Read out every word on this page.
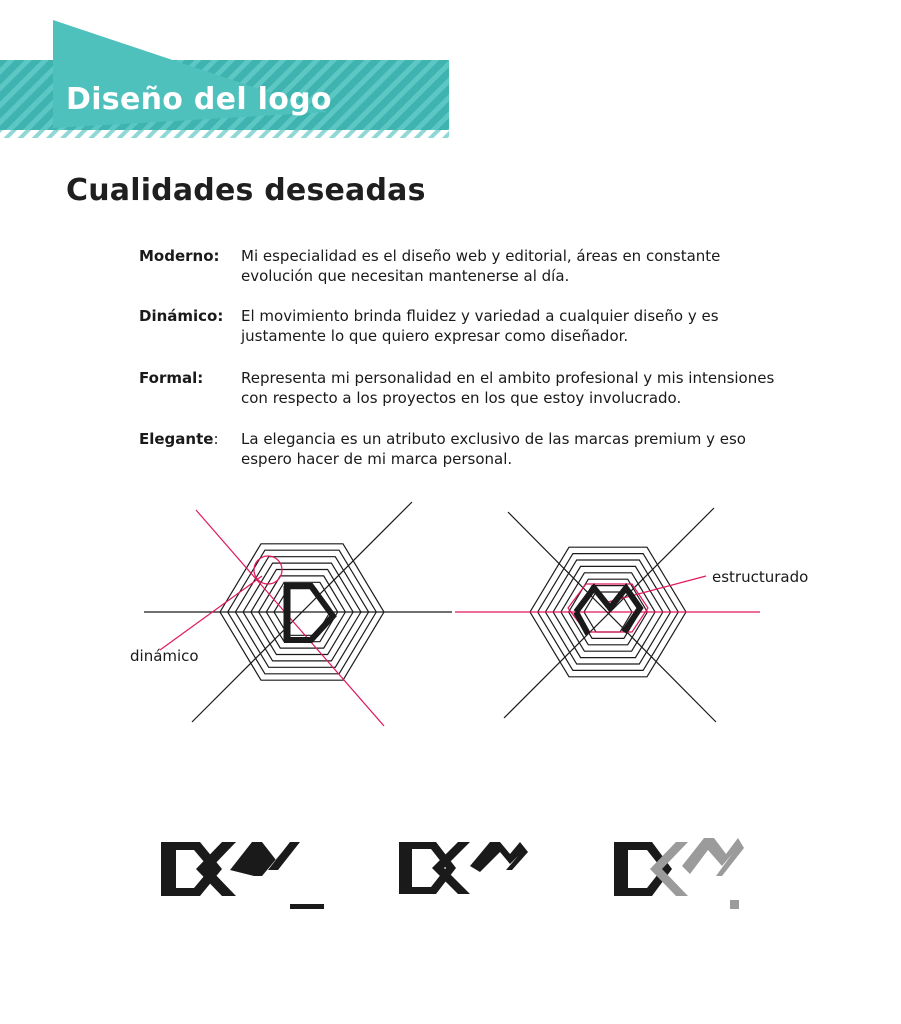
Diseño del logo
Cualidades deseadas
Moderno: Mi especialidad es el diseño web y editorial, áreas en constante evolución que necesitan mantenerse al día.
Dinámico: El movimiento brinda fluidez y variedad a cualquier diseño y es justamente lo que quiero expresar como diseñador.
Formal:	Representa mi personalidad en el ambito profesional y mis intensiones con respecto a los proyectos en los que estoy involucrado.
Elegante: La elegancia es un atributo exclusivo de las marcas premium y eso espero hacer de mi marca personal.
dinámico
estructurado
